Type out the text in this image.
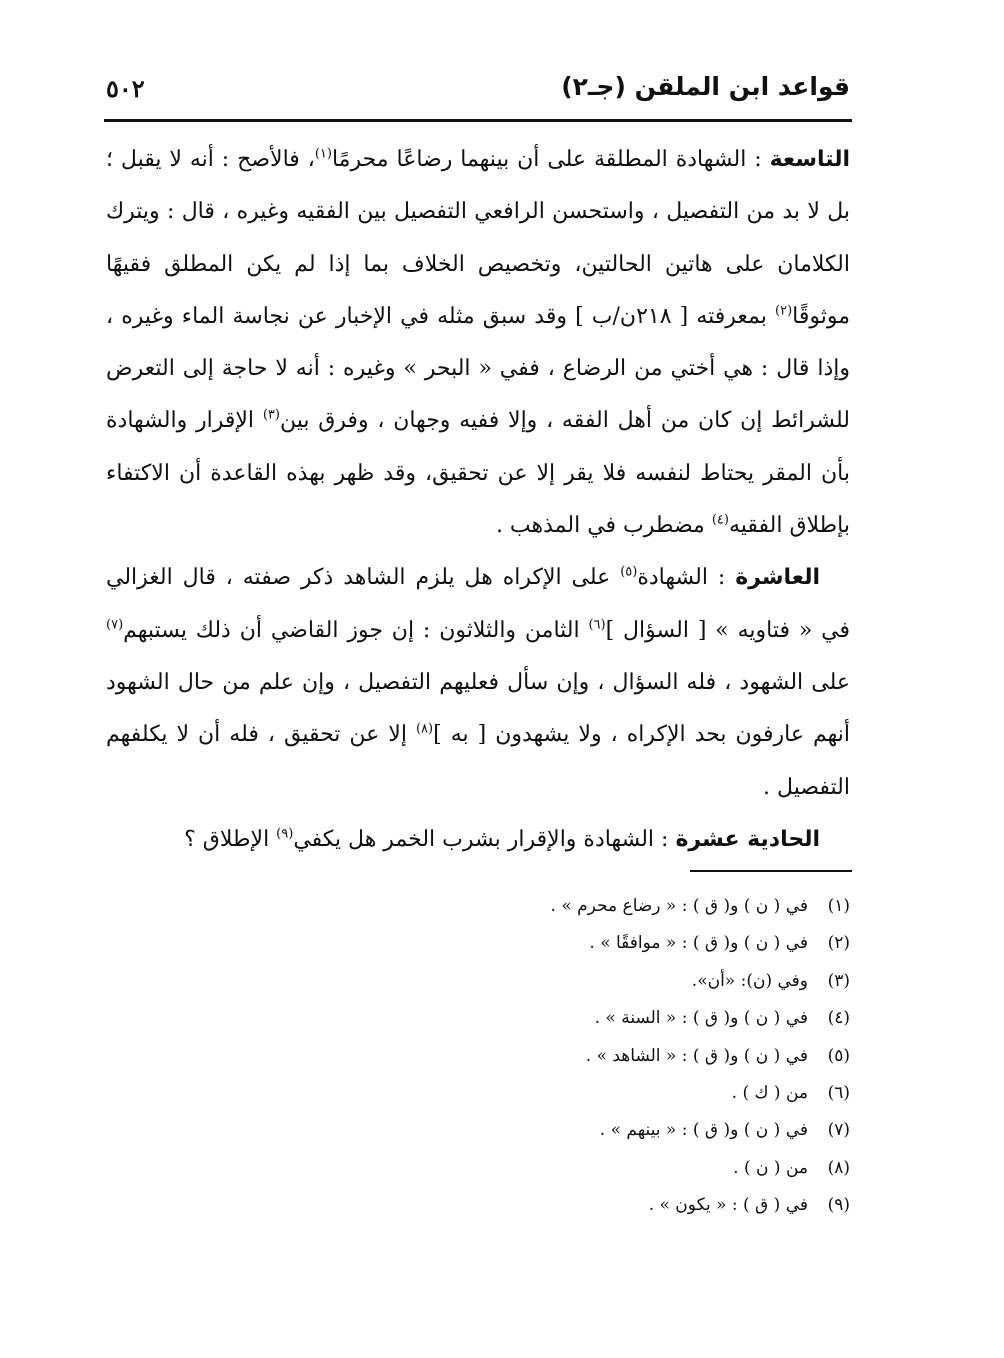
قواعد ابن الملقن (جـ٢)
٥٠٢

التاسعة : الشهادة المطلقة على أن بينهما رضاعًا محرمًا$^{(١)}$، فالأصح : أنه لا يقبل ؛ بل لا بد من التفصيل ، واستحسن الرافعي التفصيل بين الفقيه وغيره ، قال : ويترك الكلامان على هاتين الحالتين، وتخصيص الخلاف بما إذا لم يكن المطلق فقيهًا موثوقًا$^{(٢)}$ بمعرفته [ ٢١٨ن/ب ] وقد سبق مثله في الإخبار عن نجاسة الماء وغيره ، وإذا قال : هي أختي من الرضاع ، ففي « البحر » وغيره : أنه لا حاجة إلى التعرض للشرائط إن كان من أهل الفقه ، وإلا ففيه وجهان ، وفرق بين$^{(٣)}$ الإقرار والشهادة بأن المقر يحتاط لنفسه فلا يقر إلا عن تحقيق، وقد ظهر بهذه القاعدة أن الاكتفاء بإطلاق الفقيه$^{(٤)}$ مضطرب في المذهب .

العاشرة : الشهادة$^{(٥)}$ على الإكراه هل يلزم الشاهد ذكر صفته ، قال الغزالي في « فتاويه » [ السؤال ]$^{(٦)}$ الثامن والثلاثون : إن جوز القاضي أن ذلك يستبهم$^{(٧)}$ على الشهود ، فله السؤال ، وإن سأل فعليهم التفصيل ، وإن علم من حال الشهود أنهم عارفون بحد الإكراه ، ولا يشهدون [ به ]$^{(٨)}$ إلا عن تحقيق ، فله أن لا يكلفهم التفصيل .

الحادية عشرة : الشهادة والإقرار بشرب الخمر هل يكفي$^{(٩)}$ الإطلاق ؟

(١)في ( ن ) و( ق ) : « رضاع محرم » .
(٢)في ( ن ) و( ق ) : « موافقًا » .
(٣)وفي (ن): «أن».
(٤)في ( ن ) و( ق ) : « السنة » .
(٥)في ( ن ) و( ق ) : « الشاهد » .
(٦)من ( ك ) .
(٧)في ( ن ) و( ق ) : « بينهم » .
(٨)من ( ن ) .
(٩)في ( ق ) : « يكون » .
